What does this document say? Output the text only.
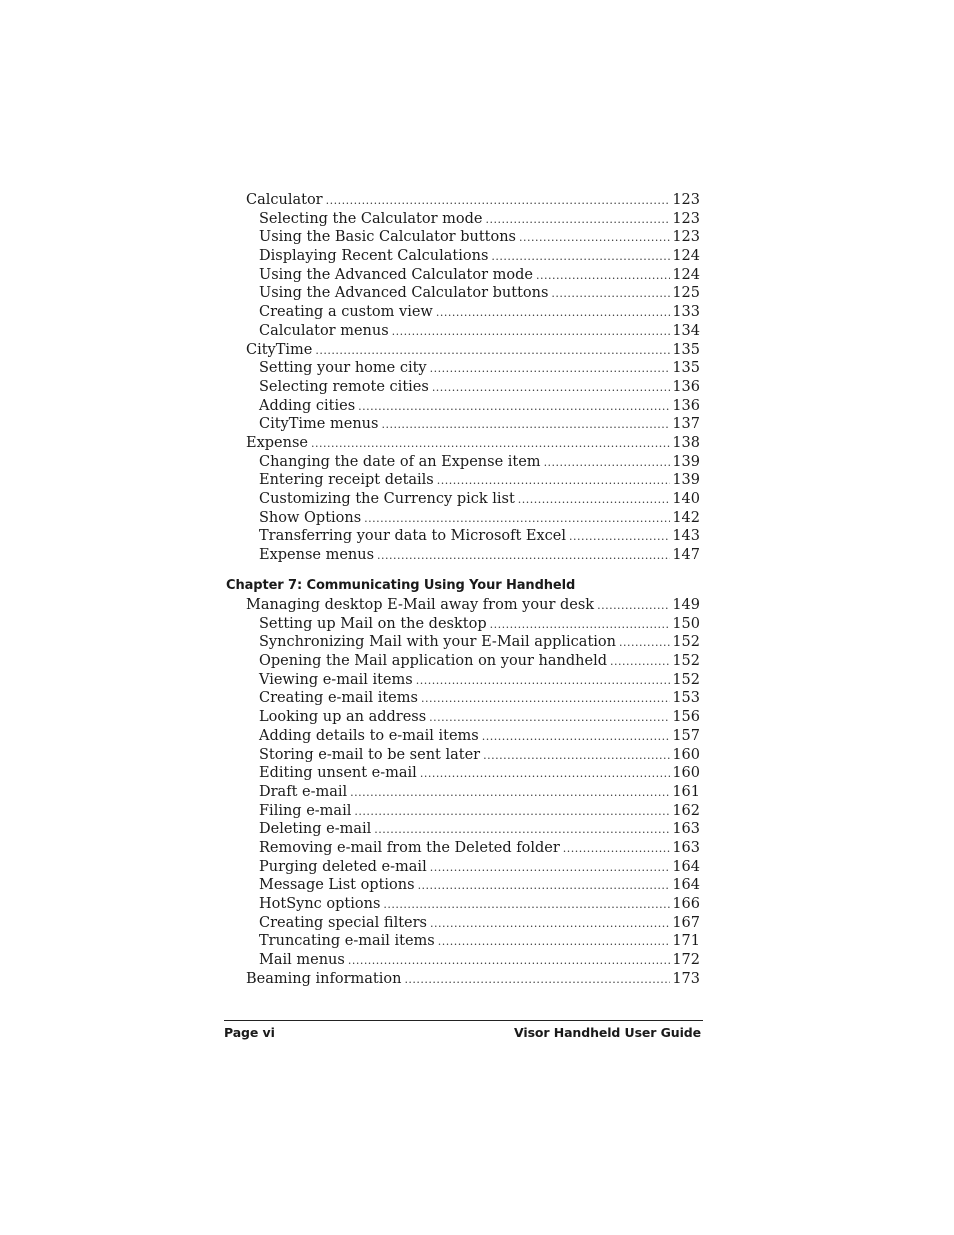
Calculator .....	123
Selecting the Calculator mode .....	123
Using the Basic Calculator buttons .....	123
Displaying Recent Calculations .....	124
Using the Advanced Calculator mode .....	124
Using the Advanced Calculator buttons .....	125
Creating a custom view .....	133
Calculator menus .....	134
CityTime .....	135
Setting your home city .....	135
Selecting remote cities .....	136
Adding cities .....	136
CityTime menus .....	137
Expense .....	138
Changing the date of an Expense item .....	139
Entering receipt details .....	139
Customizing the Currency pick list .....	140
Show Options .....	142
Transferring your data to Microsoft Excel .....	143
Expense menus .....	147
Chapter 7: Communicating Using Your Handheld
Managing desktop E-Mail away from your desk .....	149
Setting up Mail on the desktop .....	150
Synchronizing Mail with your E-Mail application .....	152
Opening the Mail application on your handheld .....	152
Viewing e-mail items .....	152
Creating e-mail items .....	153
Looking up an address .....	156
Adding details to e-mail items .....	157
Storing e-mail to be sent later .....	160
Editing unsent e-mail .....	160
Draft e-mail .....	161
Filing e-mail .....	162
Deleting e-mail .....	163
Removing e-mail from the Deleted folder .....	163
Purging deleted e-mail .....	164
Message List options .....	164
HotSync options .....	166
Creating special filters .....	167
Truncating e-mail items .....	171
Mail menus .....	172
Beaming information .....	173
Page vi	Visor Handheld User Guide
